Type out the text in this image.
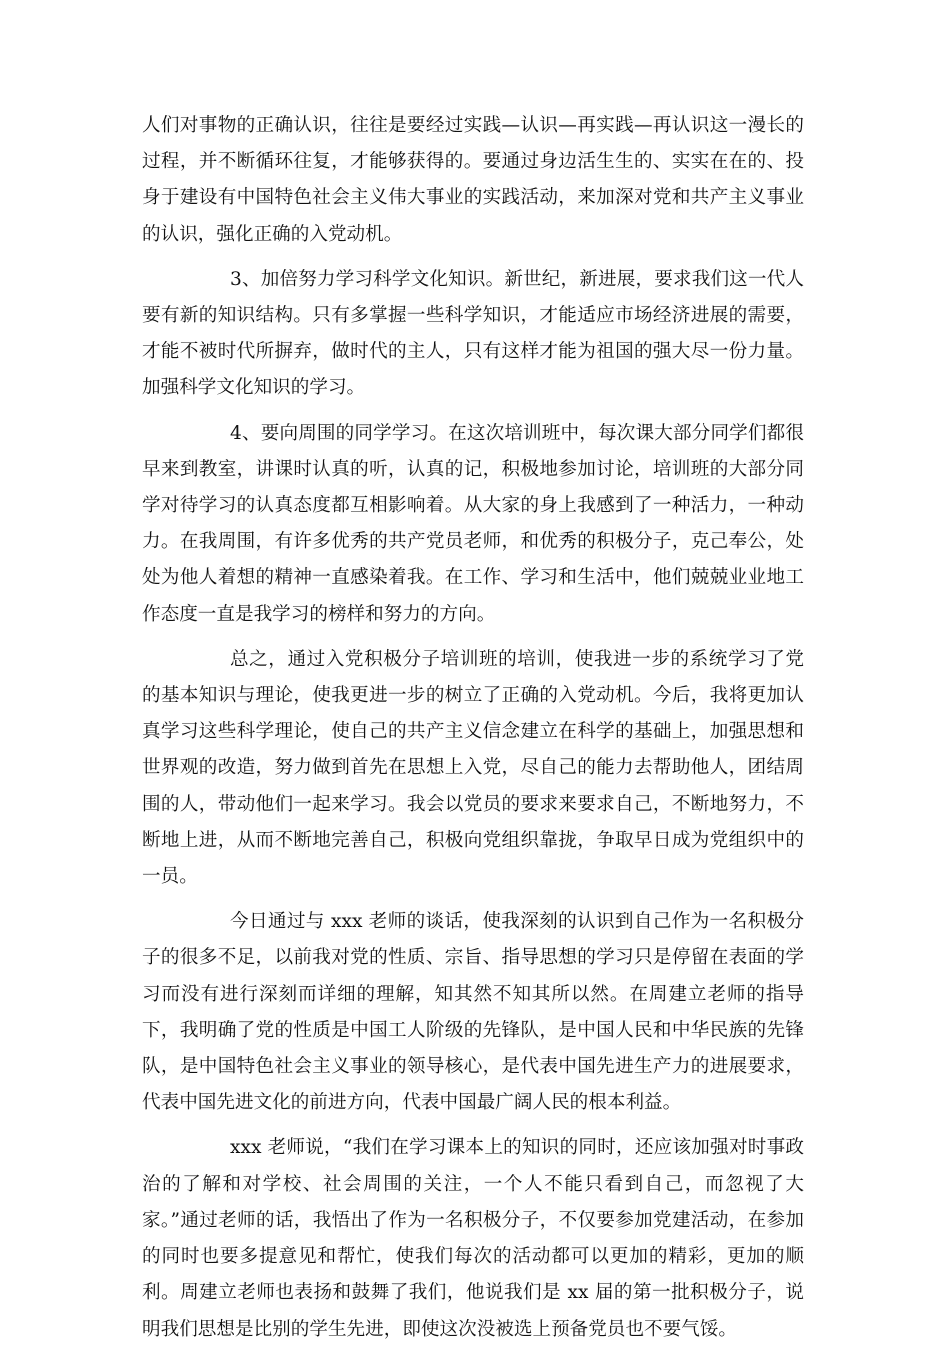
人们对事物的正确认识，往往是要经过实践—认识—再实践—再认识这一漫长的过程，并不断循环往复，才能够获得的。要通过身边活生生的、实实在在的、投身于建设有中国特色社会主义伟大事业的实践活动，来加深对党和共产主义事业的认识，强化正确的入党动机。

3、加倍努力学习科学文化知识。新世纪，新进展，要求我们这一代人要有新的知识结构。只有多掌握一些科学知识，才能适应市场经济进展的需要，才能不被时代所摒弃，做时代的主人，只有这样才能为祖国的强大尽一份力量。加强科学文化知识的学习。

4、要向周围的同学学习。在这次培训班中，每次课大部分同学们都很早来到教室，讲课时认真的听，认真的记，积极地参加讨论，培训班的大部分同学对待学习的认真态度都互相影响着。从大家的身上我感到了一种活力，一种动力。在我周围，有许多优秀的共产党员老师，和优秀的积极分子，克己奉公，处处为他人着想的精神一直感染着我。在工作、学习和生活中，他们兢兢业业地工作态度一直是我学习的榜样和努力的方向。

总之，通过入党积极分子培训班的培训，使我进一步的系统学习了党的基本知识与理论，使我更进一步的树立了正确的入党动机。今后，我将更加认真学习这些科学理论，使自己的共产主义信念建立在科学的基础上，加强思想和世界观的改造，努力做到首先在思想上入党，尽自己的能力去帮助他人，团结周围的人，带动他们一起来学习。我会以党员的要求来要求自己，不断地努力，不断地上进，从而不断地完善自己，积极向党组织靠拢，争取早日成为党组织中的一员。

今日通过与 xxx 老师的谈话，使我深刻的认识到自己作为一名积极分子的很多不足，以前我对党的性质、宗旨、指导思想的学习只是停留在表面的学习而没有进行深刻而详细的理解，知其然不知其所以然。在周建立老师的指导下，我明确了党的性质是中国工人阶级的先锋队，是中国人民和中华民族的先锋队，是中国特色社会主义事业的领导核心，是代表中国先进生产力的进展要求，代表中国先进文化的前进方向，代表中国最广阔人民的根本利益。

xxx 老师说，“我们在学习课本上的知识的同时，还应该加强对时事政治的了解和对学校、社会周围的关注，一个人不能只看到自己，而忽视了大家。”通过老师的话，我悟出了作为一名积极分子，不仅要参加党建活动，在参加的同时也要多提意见和帮忙，使我们每次的活动都可以更加的精彩，更加的顺利。周建立老师也表扬和鼓舞了我们，他说我们是 xx 届的第一批积极分子，说明我们思想是比别的学生先进，即使这次没被选上预备党员也不要气馁。
